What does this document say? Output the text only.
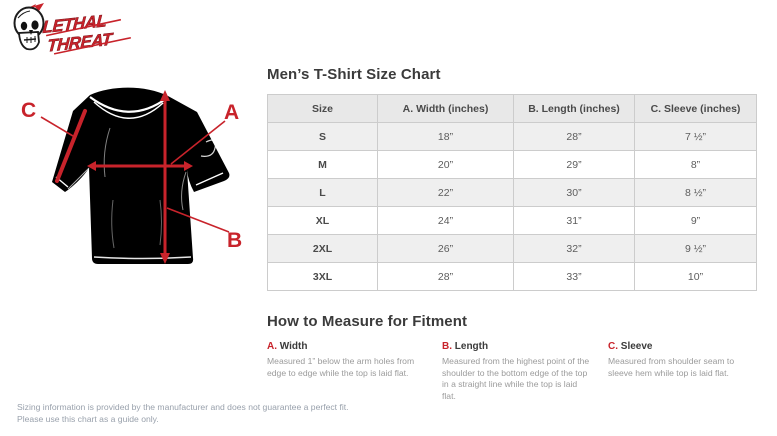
LETHAL
THREAT
A
B
C
Men’s T-Shirt Size Chart
Size	A. Width (inches)	B. Length (inches)	C. Sleeve (inches)
S	18”	28”	7 ½”
M	20”	29”	8”
L	22”	30”	8 ½”
XL	24”	31”	9”
2XL	26”	32”	9 ½”
3XL	28”	33”	10”
How to Measure for Fitment
A. Width

Measured 1” below the arm holes from edge to edge while the top is laid flat.

B. Length

Measured from the highest point of the shoulder to the bottom edge of the top in a straight line while the top is laid flat.

C. Sleeve

Measured from shoulder seam to sleeve hem while top is laid flat.

Sizing information is provided by the manufacturer and does not guarantee a perfect fit.

Please use this chart as a guide only.
